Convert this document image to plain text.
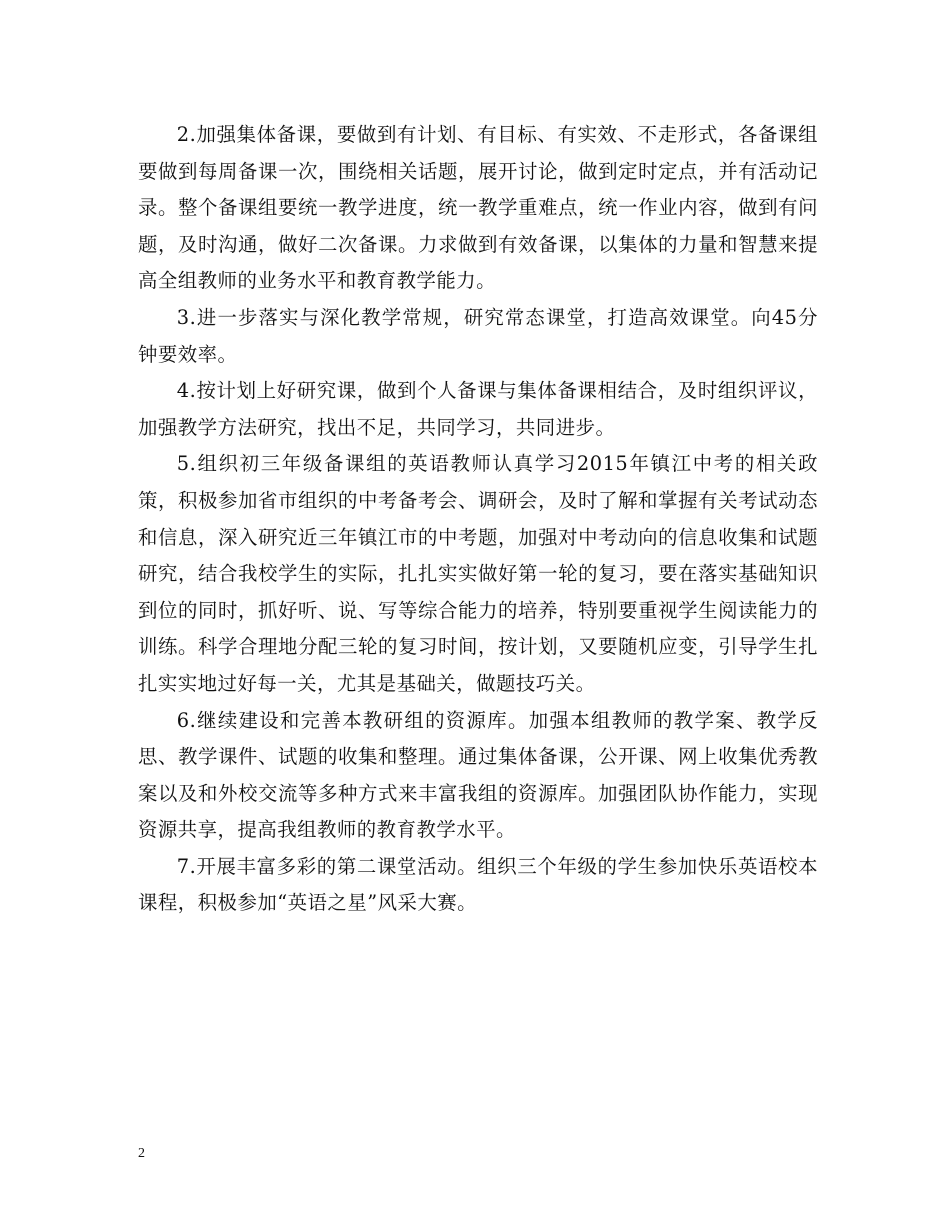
2.加强集体备课，要做到有计划、有目标、有实效、不走形式，各备课组要做到每周备课一次，围绕相关话题，展开讨论，做到定时定点，并有活动记录。整个备课组要统一教学进度，统一教学重难点，统一作业内容，做到有问题，及时沟通，做好二次备课。力求做到有效备课，以集体的力量和智慧来提高全组教师的业务水平和教育教学能力。

3.进一步落实与深化教学常规，研究常态课堂，打造高效课堂。向45分钟要效率。

4.按计划上好研究课，做到个人备课与集体备课相结合，及时组织评议，加强教学方法研究，找出不足，共同学习，共同进步。

5.组织初三年级备课组的英语教师认真学习2015年镇江中考的相关政策，积极参加省市组织的中考备考会、调研会，及时了解和掌握有关考试动态和信息，深入研究近三年镇江市的中考题，加强对中考动向的信息收集和试题研究，结合我校学生的实际，扎扎实实做好第一轮的复习，要在落实基础知识到位的同时，抓好听、说、写等综合能力的培养，特别要重视学生阅读能力的训练。科学合理地分配三轮的复习时间，按计划，又要随机应变，引导学生扎扎实实地过好每一关，尤其是基础关，做题技巧关。

6.继续建设和完善本教研组的资源库。加强本组教师的教学案、教学反思、教学课件、试题的收集和整理。通过集体备课，公开课、网上收集优秀教案以及和外校交流等多种方式来丰富我组的资源库。加强团队协作能力，实现资源共享，提高我组教师的教育教学水平。

7.开展丰富多彩的第二课堂活动。组织三个年级的学生参加快乐英语校本课程，积极参加“英语之星”风采大赛。

2
